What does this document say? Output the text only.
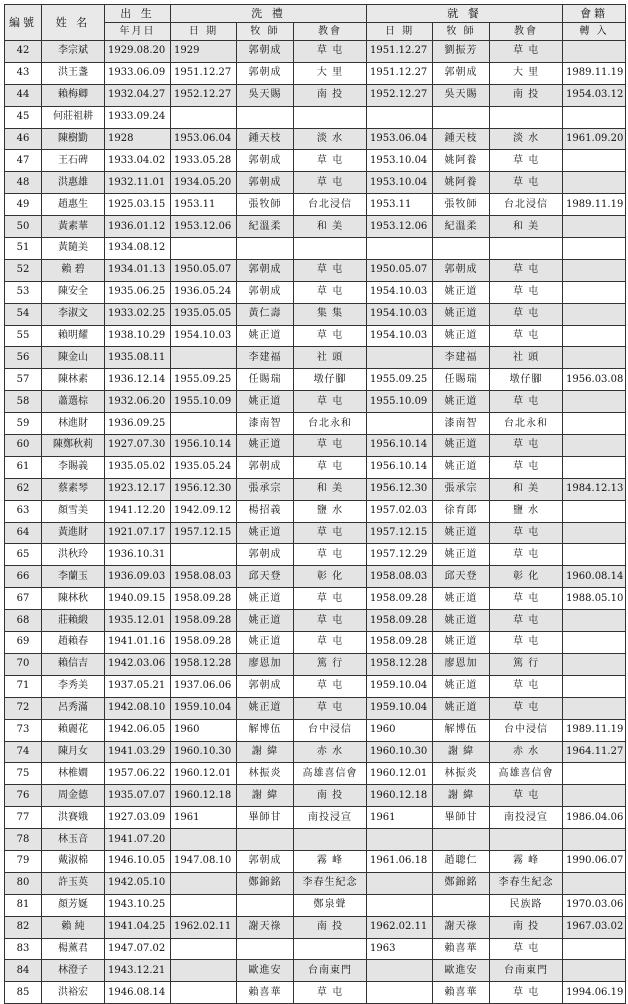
編號	姓 名	出 生	洗 禮			就 餐			會籍
		年月日	日 期	牧 師	教會	日 期	牧 師	教會	轉 入
42	李宗斌	1929.08.20	1929	郭朝成	草 屯	1951.12.27	劉振芳	草 屯	
43	洪王盞	1933.06.09	1951.12.27	郭朝成	大 里	1951.12.27	郭朝成	大 里	1989.11.19
44	賴梅卿	1932.04.27	1952.12.27	吳天賜	南 投	1952.12.27	吳天賜	南 投	1954.03.12
45	何莊祖耕	1933.09.24							
46	陳樹勤	1928	1953.06.04	鍾天枝	淡 水	1953.06.04	鍾天枝	淡 水	1961.09.20
47	王石碑	1933.04.02	1933.05.28	郭朝成	草 屯	1953.10.04	姚阿養	草 屯	
48	洪惠雄	1932.11.01	1934.05.20	郭朝成	草 屯	1953.10.04	姚阿養	草 屯	
49	趙惠生	1925.03.15	1953.11	張牧師	台北浸信	1953.11	張牧師	台北浸信	1989.11.19
50	黃素華	1936.01.12	1953.12.06	紀溫柔	和 美	1953.12.06	紀溫柔	和 美	
51	黃隨美	1934.08.12							
52	賴 碧	1934.01.13	1950.05.07	郭朝成	草 屯	1950.05.07	郭朝成	草 屯	
53	陳安全	1935.06.25	1936.05.24	郭朝成	草 屯	1954.10.03	姚正道	草 屯	
54	李淑文	1933.02.25	1935.05.05	黃仁壽	集 集	1954.10.03	姚正道	草 屯	
55	賴明耀	1938.10.29	1954.10.03	姚正道	草 屯	1954.10.03	姚正道	草 屯	
56	陳金山	1935.08.11		李建福	社 頭		李建福	社 頭	
57	陳林素	1936.12.14	1955.09.25	任賜瑞	墩仔腳	1955.09.25	任賜瑞	墩仔腳	1956.03.08
58	蕭選棕	1932.06.20	1955.10.09	姚正道	草 屯	1955.10.09	姚正道	草 屯	
59	林進財	1936.09.25		漆南智	台北永和		漆南智	台北永和	
60	陳鄭秋莉	1927.07.30	1956.10.14	姚正道	草 屯	1956.10.14	姚正道	草 屯	
61	李賜義	1935.05.02	1935.05.24	郭朝成	草 屯	1956.10.14	姚正道	草 屯	
62	蔡素琴	1923.12.17	1956.12.30	張承宗	和 美	1956.12.30	張承宗	和 美	1984.12.13
63	顏雪美	1941.12.20	1942.09.12	楊招義	鹽 水	1957.02.03	徐育郎	鹽 水	
64	黃進財	1921.07.17	1957.12.15	姚正道	草 屯	1957.12.15	姚正道	草 屯	
65	洪秋玲	1936.10.31		郭朝成	草 屯	1957.12.29	姚正道	草 屯	
66	李蘭玉	1936.09.03	1958.08.03	邱天登	彰 化	1958.08.03	邱天登	彰 化	1960.08.14
67	陳林秋	1940.09.15	1958.09.28	姚正道	草 屯	1958.09.28	姚正道	草 屯	1988.05.10
68	莊賴緞	1935.12.01	1958.09.28	姚正道	草 屯	1958.09.28	姚正道	草 屯	
69	趙賴春	1941.01.16	1958.09.28	姚正道	草 屯	1958.09.28	姚正道	草 屯	
70	賴信吉	1942.03.06	1958.12.28	廖恩加	篤 行	1958.12.28	廖恩加	篤 行	
71	李秀美	1937.05.21	1937.06.06	郭朝成	草 屯	1959.10.04	姚正道	草 屯	
72	呂秀滿	1942.08.10	1959.10.04	姚正道	草 屯	1959.10.04	姚正道	草 屯	
73	賴麗花	1942.06.05	1960	解博伍	台中浸信	1960	解博伍	台中浸信	1989.11.19
74	陳月女	1941.03.29	1960.10.30	謝 緯	赤 水	1960.10.30	謝 緯	赤 水	1964.11.27
75	林椎嫺	1957.06.22	1960.12.01	林振炎	高雄喜信會	1960.12.01	林振炎	高雄喜信會	
76	周金德	1935.07.07	1960.12.18	謝 緯	南 投	1960.12.18	謝 緯	草 屯	
77	洪賽娥	1927.03.09	1961	畢師甘	南投浸宣	1961	畢師甘	南投浸宣	1986.04.06
78	林玉音	1941.07.20							
79	戴淑棉	1946.10.05	1947.08.10	郭朝成	霧 峰	1961.06.18	趙聰仁	霧 峰	1990.06.07
80	許玉英	1942.05.10		鄭錦銘	李春生紀念		鄭錦銘	李春生紀念	
81	顏芳娫	1943.10.25			鄭泉聲			民族路	1970.03.06
82	賴 純	1941.04.25	1962.02.11	謝天祿	南 投	1962.02.11	謝天祿	南 投	1967.03.02
83	楊薰君	1947.07.02				1963	賴喜華	草 屯	
84	林澄子	1943.12.21		歐進安	台南東門		歐進安	台南東門	
85	洪裕宏	1946.08.14		賴喜華	草 屯		賴喜華	草 屯	1994.06.19
